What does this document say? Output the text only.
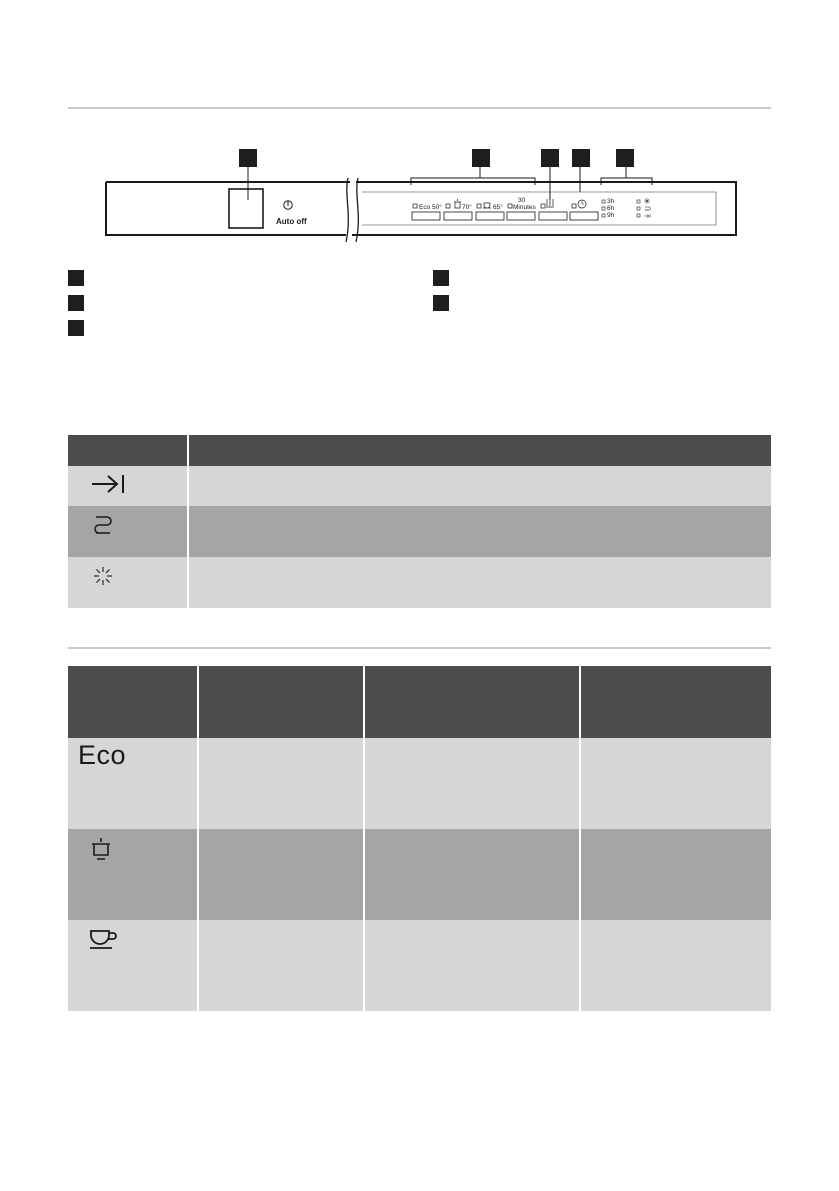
Auto off
Eco 50°	70°	65°
30
Minutes
3h
6h
9h

Eco			
